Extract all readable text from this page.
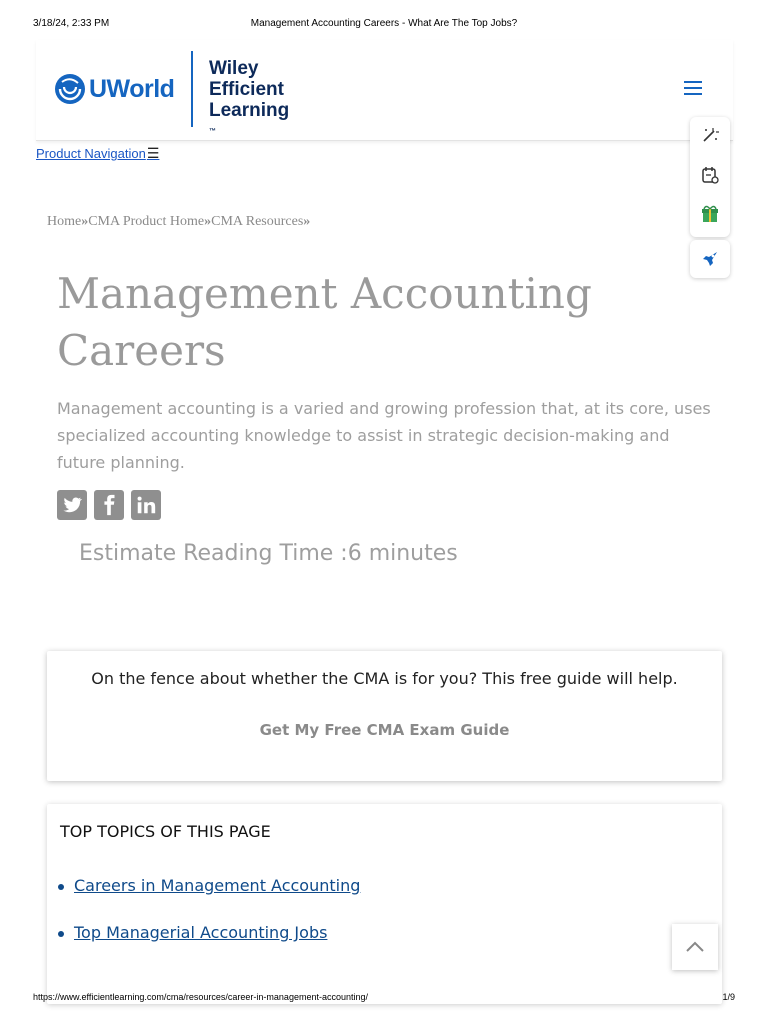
3/18/24, 2:33 PM	Management Accounting Careers - What Are The Top Jobs?
UWorld
Wiley
Efficient
Learning
™
Product Navigation ☰
Home»CMA Product Home»CMA Resources»
Management Accounting
Careers
Management accounting is a varied and growing profession that, at its core, uses specialized accounting knowledge to assist in strategic decision-making and future planning.
Estimate Reading Time :6 minutes
On the fence about whether the CMA is for you? This free guide will help.
Get My Free CMA Exam Guide
TOP TOPICS OF THIS PAGE
Careers in Management Accounting
Top Managerial Accounting Jobs
https://www.efficientlearning.com/cma/resources/career-in-management-accounting/	1/9
